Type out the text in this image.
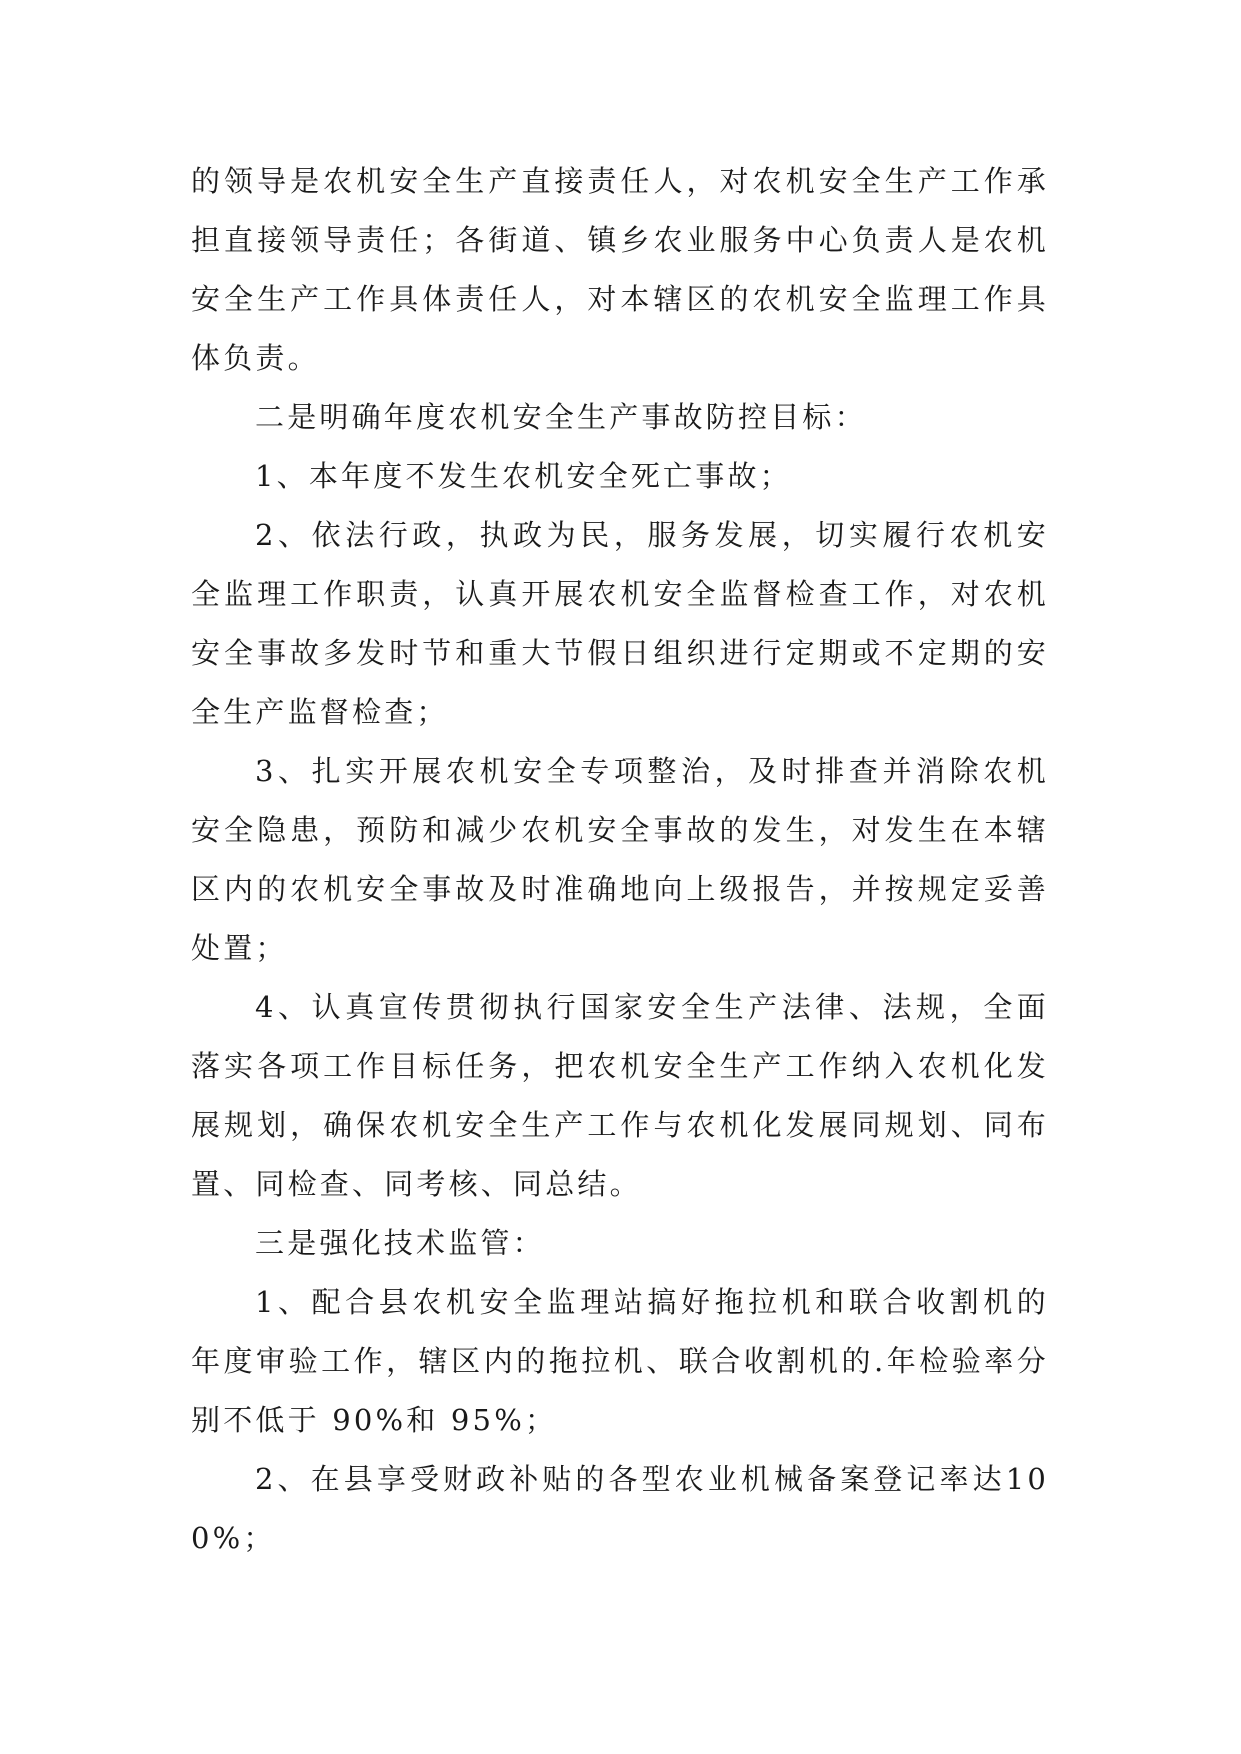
的领导是农机安全生产直接责任人，对农机安全生产工作承担直接领导责任；各街道、镇乡农业服务中心负责人是农机安全生产工作具体责任人，对本辖区的农机安全监理工作具体负责。

二是明确年度农机安全生产事故防控目标：

1、本年度不发生农机安全死亡事故；

2、依法行政，执政为民，服务发展，切实履行农机安全监理工作职责，认真开展农机安全监督检查工作，对农机安全事故多发时节和重大节假日组织进行定期或不定期的安全生产监督检查；

3、扎实开展农机安全专项整治，及时排查并消除农机安全隐患，预防和减少农机安全事故的发生，对发生在本辖区内的农机安全事故及时准确地向上级报告，并按规定妥善处置；

4、认真宣传贯彻执行国家安全生产法律、法规，全面落实各项工作目标任务，把农机安全生产工作纳入农机化发展规划，确保农机安全生产工作与农机化发展同规划、同布置、同检查、同考核、同总结。

三是强化技术监管：

1、配合县农机安全监理站搞好拖拉机和联合收割机的年度审验工作，辖区内的拖拉机、联合收割机的.年检验率分别不低于 90%和 95%；

2、在县享受财政补贴的各型农业机械备案登记率达100%；
